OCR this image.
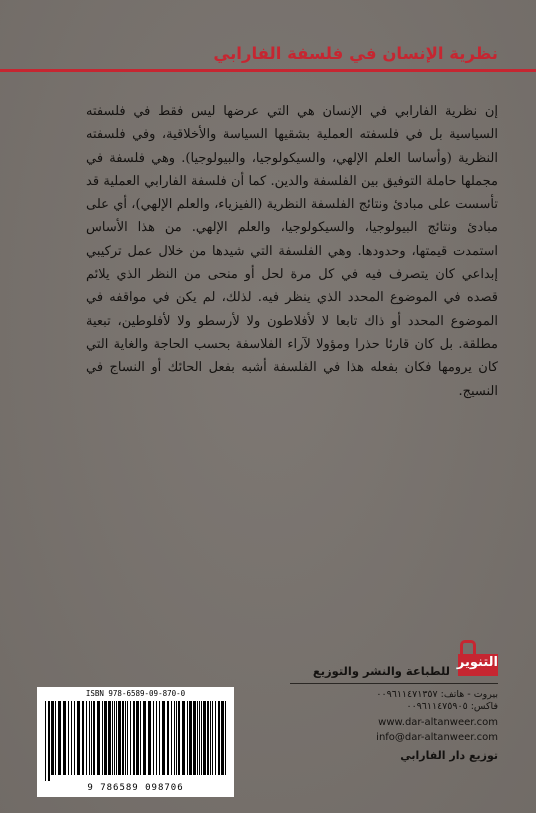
نظرية الإنسان في فلسفة الفارابي
إن نظرية الفارابي في الإنسان هي التي عرضها ليس فقط في فلسفته السياسية بل في فلسفته العملية بشقيها السياسة والأخلاقية، وفي فلسفته النظرية (وأساسا العلم الإلهي، والسيكولوجيا، والبيولوجيا). وهي فلسفة في مجملها حاملة التوفيق بين الفلسفة والدين. كما أن فلسفة الفارابي العملية قد تأسست على مبادئ ونتائج الفلسفة النظرية (الفيزياء، والعلم الإلهي)، أي على مبادئ ونتائج البيولوجيا، والسيكولوجيا، والعلم الإلهي. من هذا الأساس استمدت قيمتها، وحدودها. وهي الفلسفة التي شيدها من خلال عمل تركيبي إبداعي كان يتصرف فيه في كل مرة لحل أو منحى من النظر الذي يلائم قصده في الموضوع المحدد الذي ينظر فيه. لذلك، لم يكن في مواقفه في الموضوع المحدد أو ذاك تابعا لا لأفلاطون ولا لأرسطو ولا لأفلوطين، تبعية مطلقة. بل كان قارئا حذرا ومؤولا لآراء الفلاسفة بحسب الحاجة والغاية التي كان يرومها فكان بفعله هذا في الفلسفة أشبه بفعل الحائك أو النساج في النسيج.
التنوير
للطباعة والنشر والتوزيع
بيروت - هاتف: ٠٠٩٦١١٤٧١٣٥٧
فاكس: ٠٠٩٦١١٤٧٥٩٠٥
www.dar-altanweer.com
info@dar-altanweer.com
توزيع دار الفارابي
ISBN 978-6589-09-870-0
9 786589 098706
